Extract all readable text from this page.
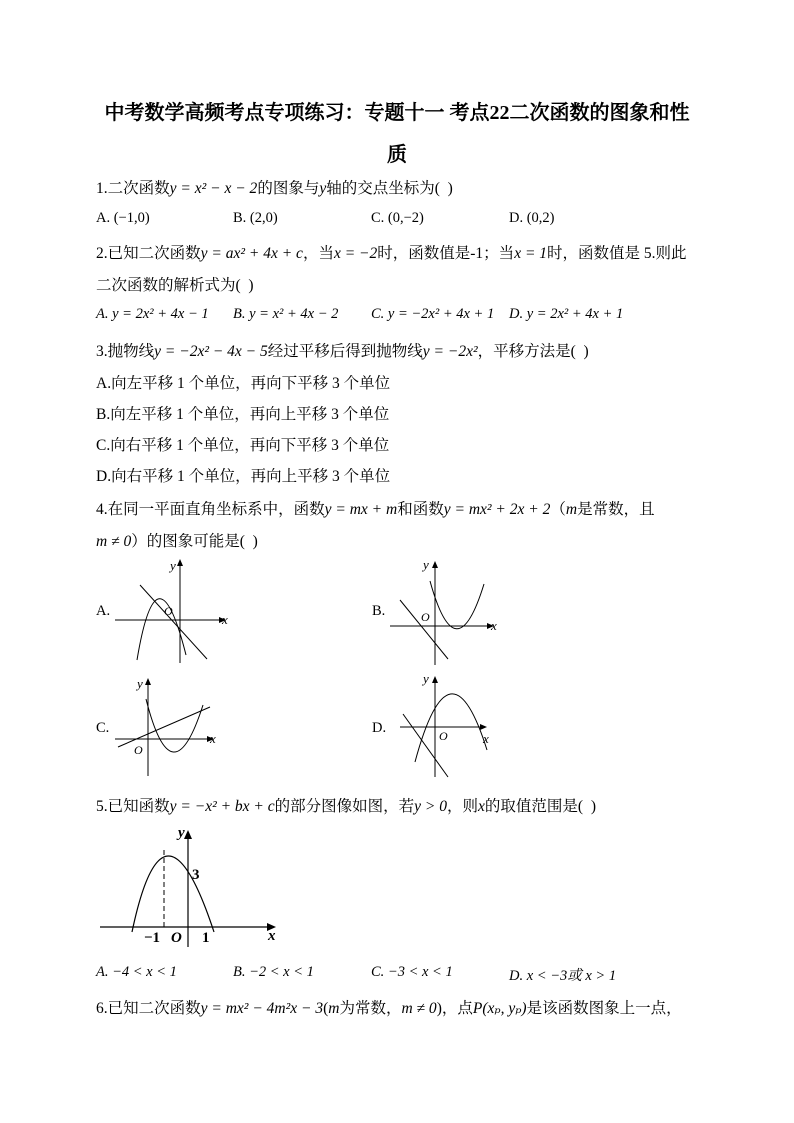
中考数学高频考点专项练习：专题十一 考点22二次函数的图象和性
质
1.二次函数y = x² − x − 2的图象与y轴的交点坐标为(  )
A. (−1,0)	B. (2,0)	C. (0,−2)	D. (0,2)
2.已知二次函数y = ax² + 4x + c，当x = −2时，函数值是-1；当x = 1时，函数值是 5.则此
二次函数的解析式为(  )
A. y = 2x² + 4x − 1 B. y = x² + 4x − 2 C. y = −2x² + 4x + 1 D. y = 2x² + 4x + 1
3.抛物线y = −2x² − 4x − 5经过平移后得到抛物线y = −2x²，平移方法是(  )
A.向左平移 1 个单位，再向下平移 3 个单位
B.向左平移 1 个单位，再向上平移 3 个单位
C.向右平移 1 个单位，再向下平移 3 个单位
D.向右平移 1 个单位，再向上平移 3 个单位
4.在同一平面直角坐标系中，函数y = mx + m和函数y = mx² + 2x + 2（m是常数，且
m ≠ 0）的图象可能是(  )
A.
x
y
O	B.
x
y
O
C.
x
y
O
D.
x
y
O
5.已知函数y = −x² + bx + c的部分图像如图，若y > 0，则x的取值范围是(  )
y
x
O
−1	1
3
A. −4 < x < 1	B. −2 < x < 1	C. −3 < x < 1	D. x < −3或 x > 1
6.已知二次函数y = mx² − 4m²x − 3(m为常数，m ≠ 0)，点P(xₚ, yₚ)是该函数图象上一点，
